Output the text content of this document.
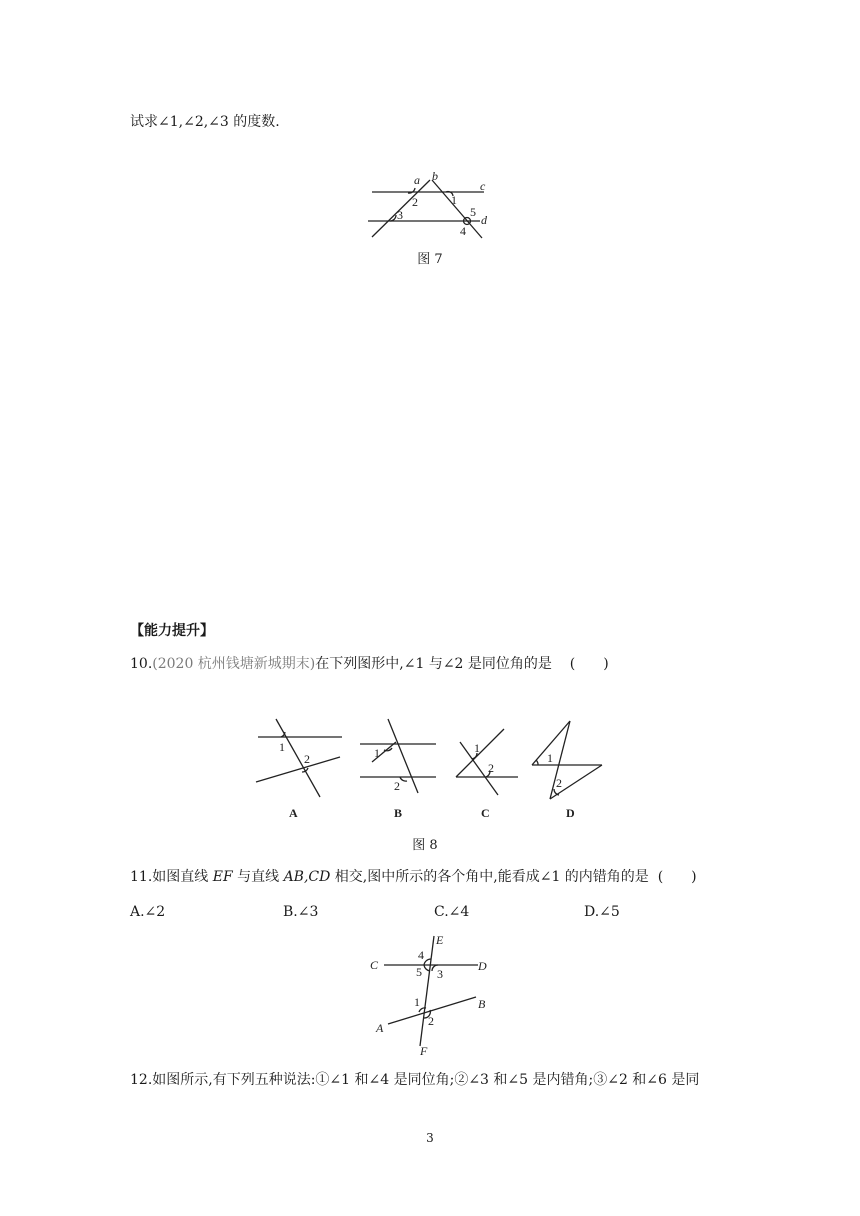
试求∠1,∠2,∠3 的度数.
a b
c
d
1
2
3
4
5
图 7
【能力提升】
10.(2020 杭州钱塘新城期末)在下列图形中,∠1 与∠2 是同位角的是 (　　)
1
2	1
2
1
2
1
2
A	B	C	D
图 8
11.如图直线 EF 与直线 AB,CD 相交,图中所示的各个角中,能看成∠1 的内错角的是 (　　)
A.∠2	B.∠3	C.∠4	D.∠5
C	D
E
A
B
F
1
2
3
4
5
12.如图所示,有下列五种说法:①∠1 和∠4 是同位角;②∠3 和∠5 是内错角;③∠2 和∠6 是同
3
